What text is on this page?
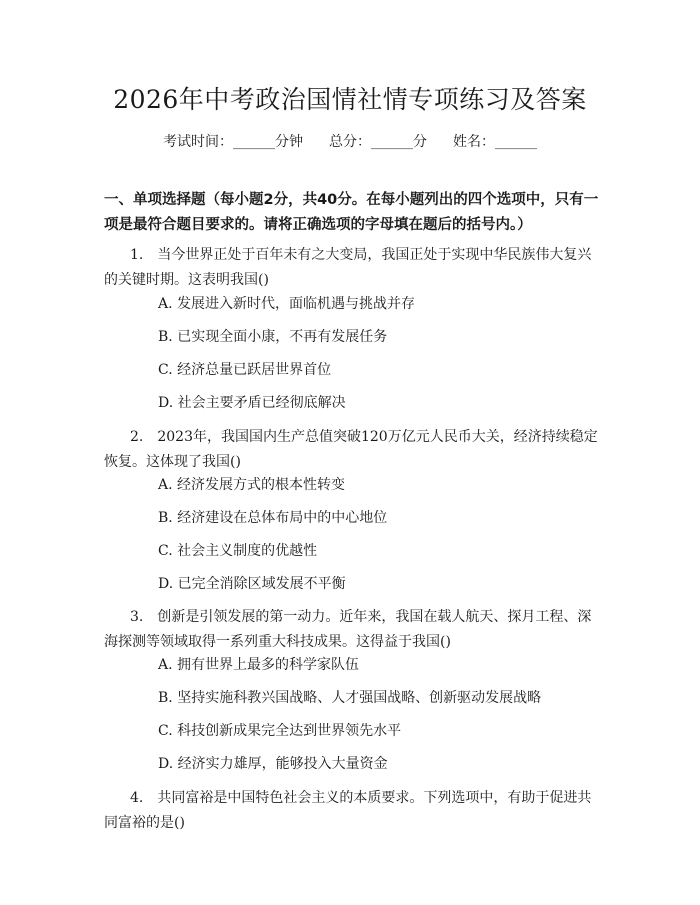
2026年中考政治国情社情专项练习及答案
考试时间：______分钟 总分：______分 姓名：______
一、单项选择题（每小题2分，共40分。在每小题列出的四个选项中，只有一项是最符合题目要求的。请将正确选项的字母填在题后的括号内。）
1.　当今世界正处于百年未有之大变局，我国正处于实现中华民族伟大复兴的关键时期。这表明我国()
A. 发展进入新时代，面临机遇与挑战并存
B. 已实现全面小康，不再有发展任务
C. 经济总量已跃居世界首位
D. 社会主要矛盾已经彻底解决
2.　2023年，我国国内生产总值突破120万亿元人民币大关，经济持续稳定恢复。这体现了我国()
A. 经济发展方式的根本性转变
B. 经济建设在总体布局中的中心地位
C. 社会主义制度的优越性
D. 已完全消除区域发展不平衡
3.　创新是引领发展的第一动力。近年来，我国在载人航天、探月工程、深海探测等领域取得一系列重大科技成果。这得益于我国()
A. 拥有世界上最多的科学家队伍
B. 坚持实施科教兴国战略、人才强国战略、创新驱动发展战略
C. 科技创新成果完全达到世界领先水平
D. 经济实力雄厚，能够投入大量资金
4.　共同富裕是中国特色社会主义的本质要求。下列选项中，有助于促进共同富裕的是()
